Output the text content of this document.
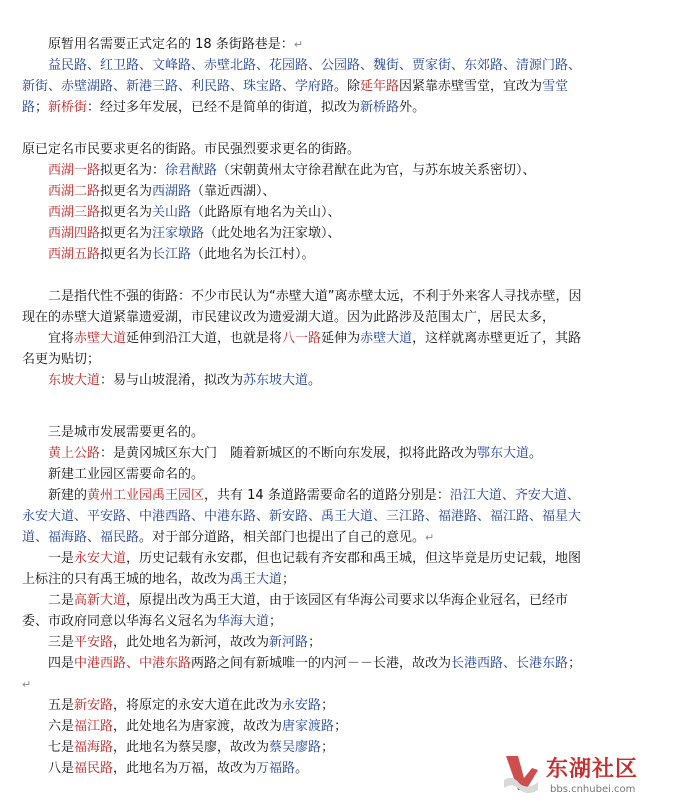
原暂用名需要正式定名的 18 条街路巷是：↵
益民路、红卫路、文峰路、赤壁北路、花园路、公园路、魏街、贾家街、东郊路、清源门路、新街、赤壁湖路、新港三路、利民路、珠宝路、学府路。除延年路因紧靠赤壁雪堂，宜改为雪堂路；新桥街：经过多年发展，已经不是简单的街道，拟改为新桥路外。
原已定名市民要求更名的街路。市民强烈要求更名的街路。
西湖一路拟更名为：徐君猷路（宋朝黄州太守徐君猷在此为官，与苏东坡关系密切）、
西湖二路拟更名为西湖路（靠近西湖）、
西湖三路拟更名为关山路（此路原有地名为关山）、
西湖四路拟更名为汪家墩路（此处地名为汪家墩）、
西湖五路拟更名为长江路（此地名为长江村）。
二是指代性不强的街路：不少市民认为“赤壁大道”离赤壁太远，不利于外来客人寻找赤壁，因现在的赤壁大道紧靠遗爱湖，市民建议改为遗爱湖大道。因为此路涉及范围太广，居民太多，
宜将赤壁大道延伸到沿江大道，也就是将八一路延伸为赤壁大道，这样就离赤壁更近了，其路名更为贴切；
东坡大道：易与山坡混淆，拟改为苏东坡大道。
三是城市发展需要更名的。
黄上公路：是黄冈城区东大门　随着新城区的不断向东发展，拟将此路改为鄂东大道。
新建工业园区需要命名的。
新建的黄州工业园禹王园区，共有 14 条道路需要命名的道路分别是：沿江大道、齐安大道、永安大道、平安路、中港西路、中港东路、新安路、禹王大道、三江路、福港路、福江路、福星大道、福海路、福民路。对于部分道路，相关部门也提出了自己的意见。↵
一是永安大道，历史记载有永安郡，但也记载有齐安郡和禹王城，但这毕竟是历史记载，地图上标注的只有禹王城的地名，故改为禹王大道；
二是高新大道，原提出改为禹王大道，由于该园区有华海公司要求以华海企业冠名，已经市委、市政府同意以华海名义冠名为华海大道；
三是平安路，此处地名为新河，故改为新河路；
四是中港西路、中港东路两路之间有新城唯一的内河－－长港，故改为长港西路、长港东路；↵
五是新安路，将原定的永安大道在此改为永安路；
六是福江路，此处地名为唐家渡，故改为唐家渡路；
七是福海路，此地名为蔡吴廖，故改为蔡吴廖路；
八是福民路，此地名为万福，故改为万福路。	东湖社区
bbs.cnhubei.com
